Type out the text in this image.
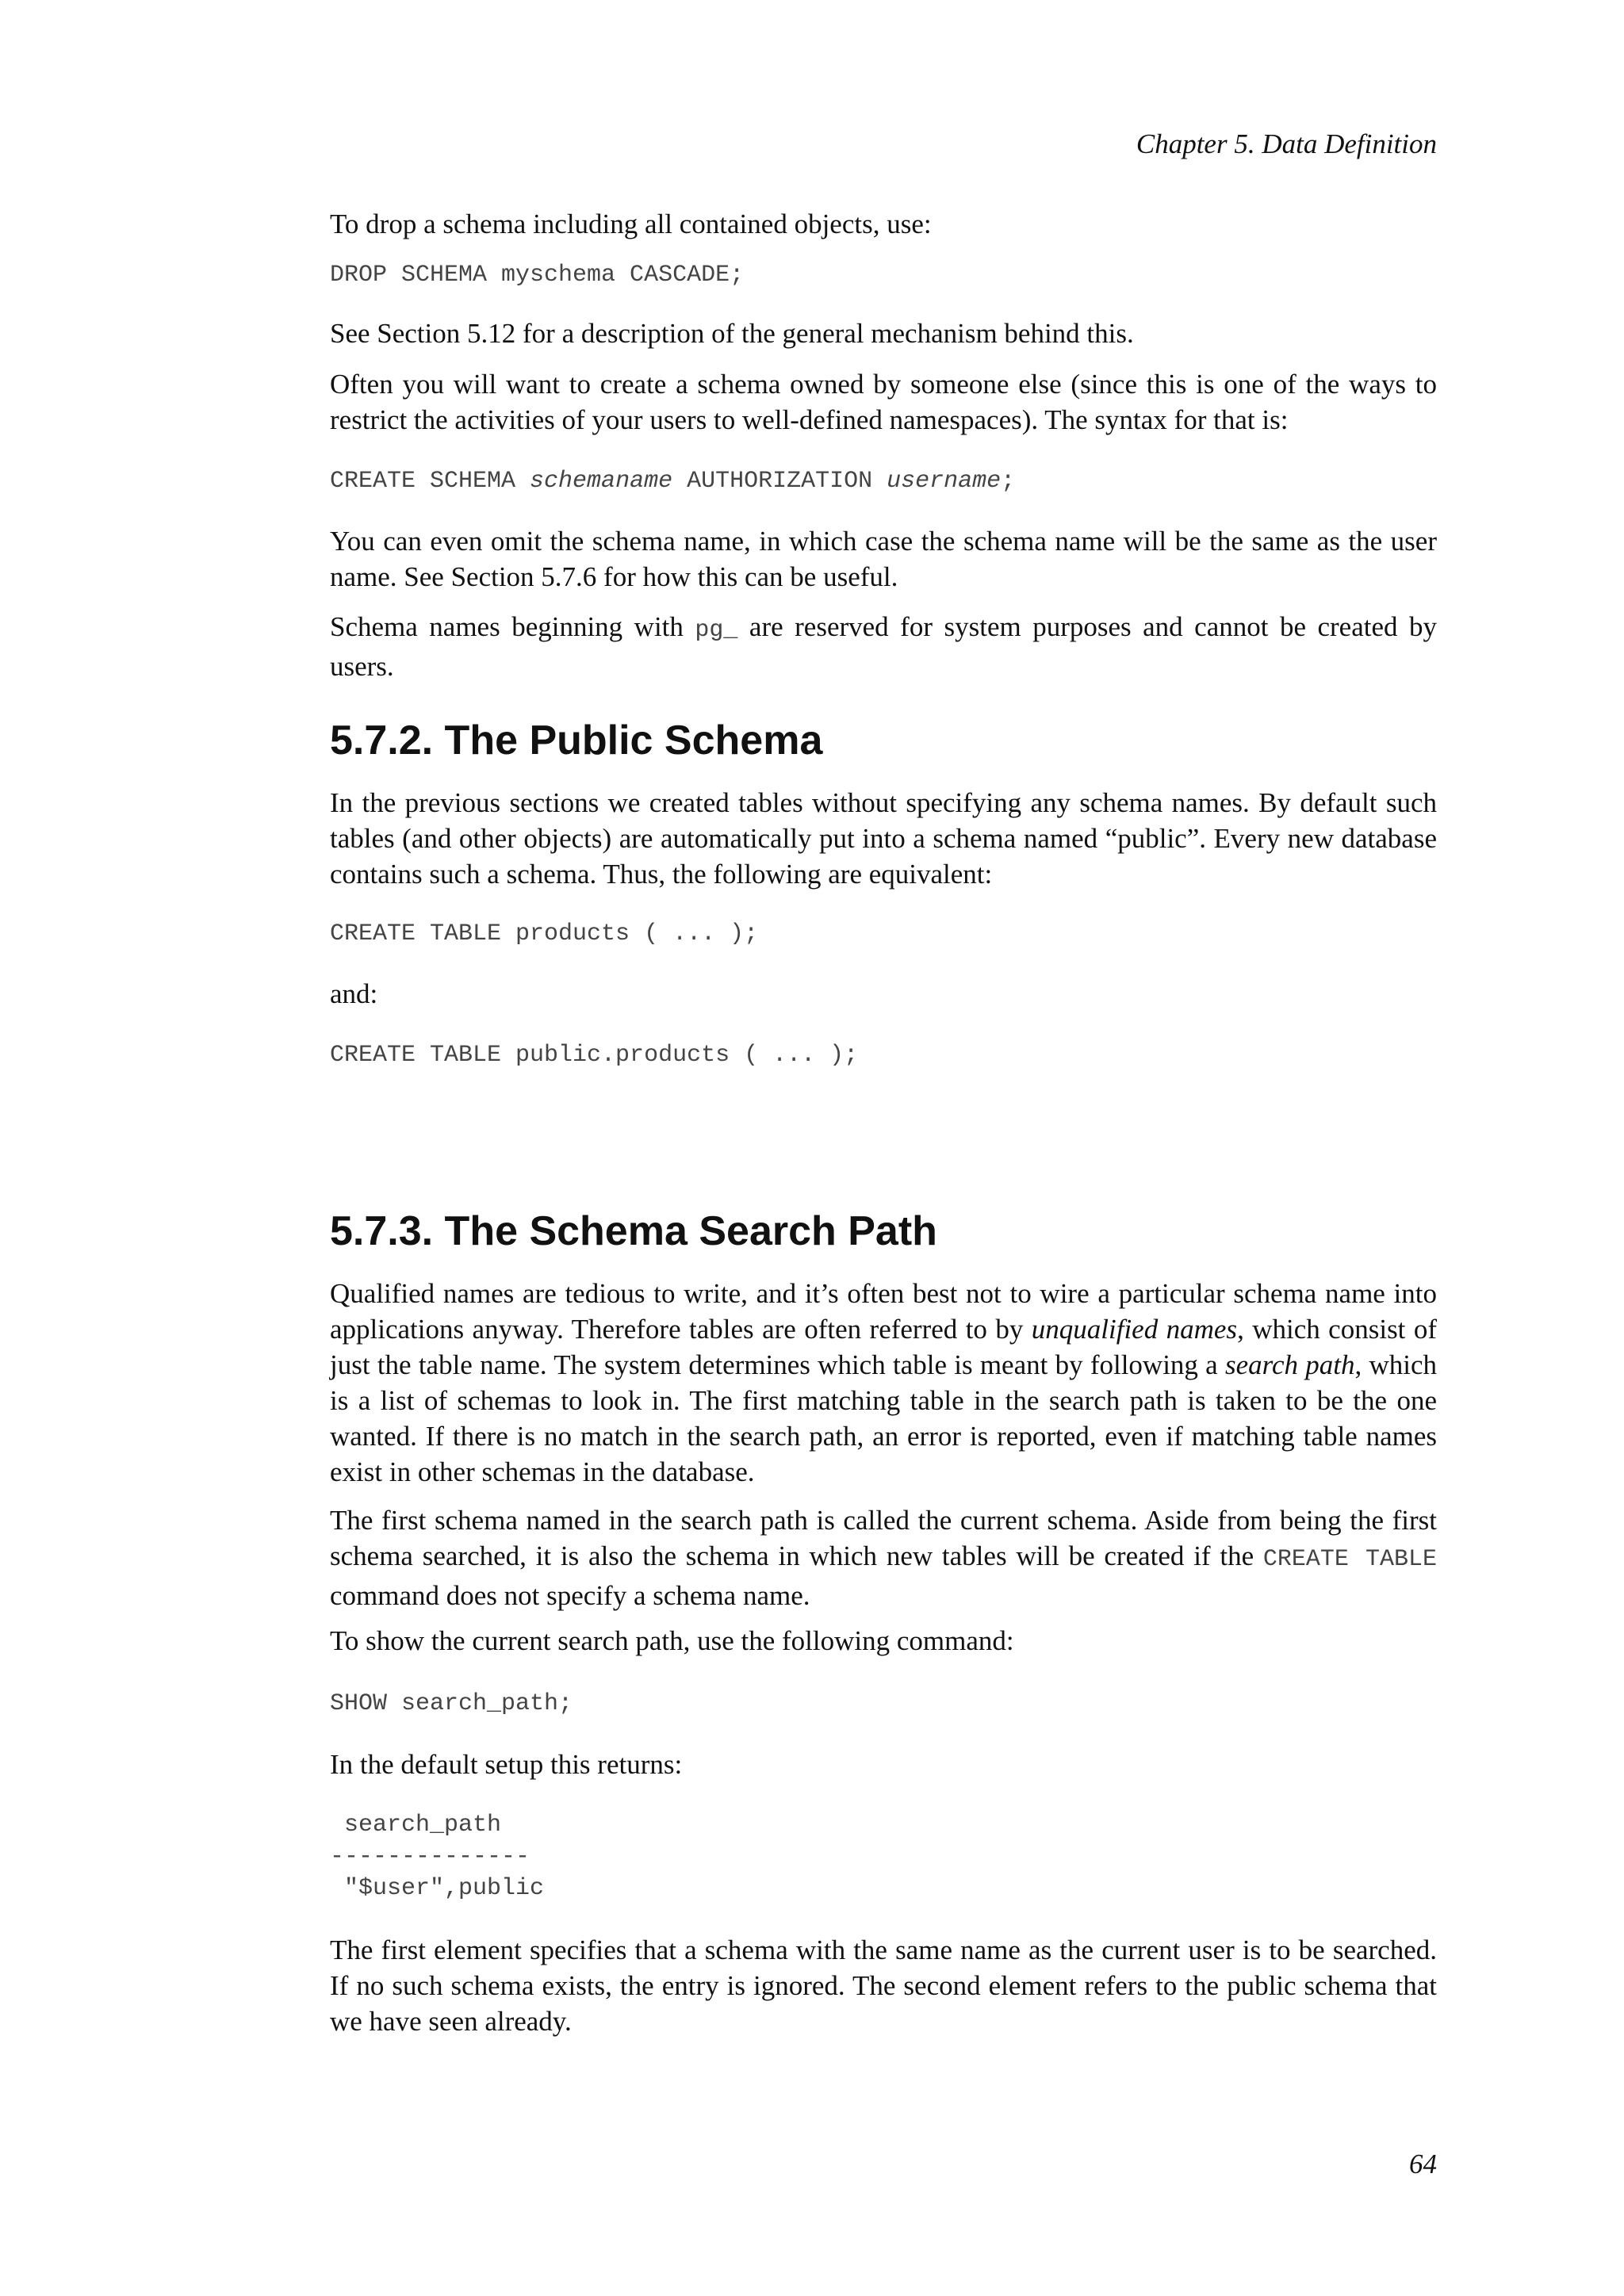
Chapter 5. Data Definition

To drop a schema including all contained objects, use:

DROP SCHEMA myschema CASCADE;

See Section 5.12 for a description of the general mechanism behind this.

Often you will want to create a schema owned by someone else (since this is one of the ways to restrict the activities of your users to well-defined namespaces). The syntax for that is:

CREATE SCHEMA schemaname AUTHORIZATION username;

You can even omit the schema name, in which case the schema name will be the same as the user name. See Section 5.7.6 for how this can be useful.

Schema names beginning with pg_ are reserved for system purposes and cannot be created by users.

5.7.2. The Public Schema

In the previous sections we created tables without specifying any schema names. By default such tables (and other objects) are automatically put into a schema named “public”. Every new database contains such a schema. Thus, the following are equivalent:

CREATE TABLE products ( ... );

and:

CREATE TABLE public.products ( ... );
5.7.3. The Schema Search Path

Qualified names are tedious to write, and it’s often best not to wire a particular schema name into applications anyway. Therefore tables are often referred to by unqualified names, which consist of just the table name. The system determines which table is meant by following a search path, which is a list of schemas to look in. The first matching table in the search path is taken to be the one wanted. If there is no match in the search path, an error is reported, even if matching table names exist in other schemas in the database.

The first schema named in the search path is called the current schema. Aside from being the first schema searched, it is also the schema in which new tables will be created if the CREATE TABLE command does not specify a schema name.

To show the current search path, use the following command:

SHOW search_path;

In the default setup this returns:

search_path
--------------
"$user",public

The first element specifies that a schema with the same name as the current user is to be searched. If no such schema exists, the entry is ignored. The second element refers to the public schema that we have seen already.

64
